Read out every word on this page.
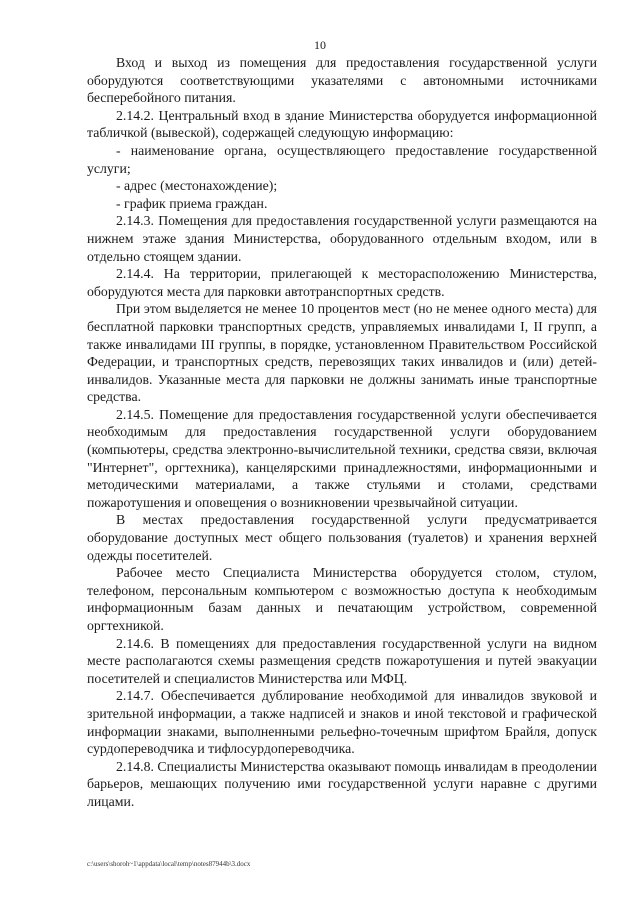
10

Вход и выход из помещения для предоставления государственной услуги оборудуются соответствующими указателями с автономными источниками бесперебойного питания.

2.14.2. Центральный вход в здание Министерства оборудуется информационной табличкой (вывеской), содержащей следующую информацию:

- наименование органа, осуществляющего предоставление государственной услуги;

- адрес (местонахождение);

- график приема граждан.

2.14.3. Помещения для предоставления государственной услуги размещаются на нижнем этаже здания Министерства, оборудованного отдельным входом, или в отдельно стоящем здании.

2.14.4. На территории, прилегающей к месторасположению Министерства, оборудуются места для парковки автотранспортных средств.

При этом выделяется не менее 10 процентов мест (но не менее одного места) для бесплатной парковки транспортных средств, управляемых инвалидами I, II групп, а также инвалидами III группы, в порядке, установленном Правительством Российской Федерации, и транспортных средств, перевозящих таких инвалидов и (или) детей-инвалидов. Указанные места для парковки не должны занимать иные транспортные средства.

2.14.5. Помещение для предоставления государственной услуги обеспечивается необходимым для предоставления государственной услуги оборудованием (компьютеры, средства электронно-вычислительной техники, средства связи, включая "Интернет", оргтехника), канцелярскими принадлежностями, информационными и методическими материалами, а также стульями и столами, средствами пожаротушения и оповещения о возникновении чрезвычайной ситуации.

В местах предоставления государственной услуги предусматривается оборудование доступных мест общего пользования (туалетов) и хранения верхней одежды посетителей.

Рабочее место Специалиста Министерства оборудуется столом, стулом, телефоном, персональным компьютером с возможностью доступа к необходимым информационным базам данных и печатающим устройством, современной оргтехникой.

2.14.6. В помещениях для предоставления государственной услуги на видном месте располагаются схемы размещения средств пожаротушения и путей эвакуации посетителей и специалистов Министерства или МФЦ.

2.14.7. Обеспечивается дублирование необходимой для инвалидов звуковой и зрительной информации, а также надписей и знаков и иной текстовой и графической информации знаками, выполненными рельефно-точечным шрифтом Брайля, допуск сурдопереводчика и тифлосурдопереводчика.

2.14.8. Специалисты Министерства оказывают помощь инвалидам в преодолении барьеров, мешающих получению ими государственной услуги наравне с другими лицами.

c:\users\shoroh~1\appdata\local\temp\notes87944b\3.docx
